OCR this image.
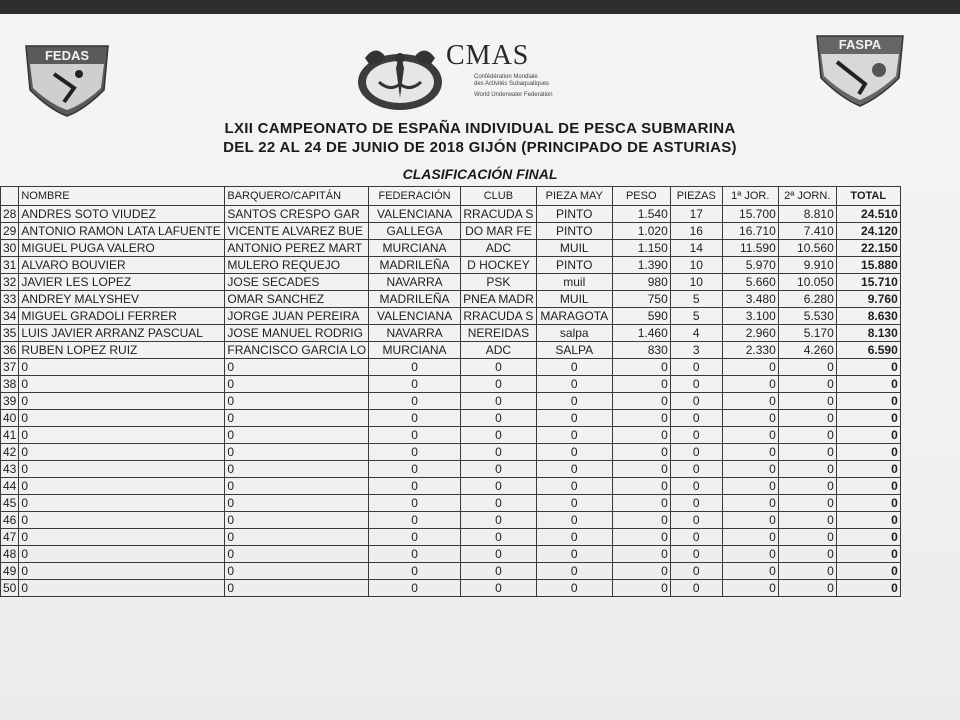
FEDAS
FASPA
CMAS
Confédération Mondiale
des Activités Subaquatiques
World Underwater Federation
LXII CAMPEONATO DE ESPAÑA INDIVIDUAL DE PESCA SUBMARINA
DEL 22 AL 24 DE JUNIO DE 2018 GIJÓN (PRINCIPADO DE ASTURIAS)
CLASIFICACIÓN FINAL
	NOMBRE	BARQUERO/CAPITÁN	FEDERACIÓN	CLUB	PIEZA MAY	PESO	PIEZAS	1ª JOR.	2ª JORN.	TOTAL
28	ANDRES SOTO VIUDEZ	SANTOS CRESPO GAR	VALENCIANA	RRACUDA S	PINTO	1.540	17	15.700	8.810	24.510
29	ANTONIO RAMON LATA LAFUENTE	VICENTE ALVAREZ BUE	GALLEGA	DO MAR FE	PINTO	1.020	16	16.710	7.410	24.120
30	MIGUEL PUGA VALERO	ANTONIO PEREZ MART	MURCIANA	ADC	MUIL	1.150	14	11.590	10.560	22.150
31	ALVARO BOUVIER	MULERO REQUEJO	MADRILEÑA	D HOCKEY	PINTO	1.390	10	5.970	9.910	15.880
32	JAVIER LES LOPEZ	JOSE SECADES	NAVARRA	PSK	muil	980	10	5.660	10.050	15.710
33	ANDREY MALYSHEV	OMAR SANCHEZ	MADRILEÑA	PNEA MADR	MUIL	750	5	3.480	6.280	9.760
34	MIGUEL GRADOLI FERRER	JORGE JUAN PEREIRA	VALENCIANA	RRACUDA S	MARAGOTA	590	5	3.100	5.530	8.630
35	LUIS JAVIER ARRANZ PASCUAL	JOSE MANUEL RODRIG	NAVARRA	NEREIDAS	salpa	1.460	4	2.960	5.170	8.130
36	RUBEN LOPEZ RUIZ	FRANCISCO GARCIA LO	MURCIANA	ADC	SALPA	830	3	2.330	4.260	6.590
37	0	0	0	0	0	0	0	0	0	0
38	0	0	0	0	0	0	0	0	0	0
39	0	0	0	0	0	0	0	0	0	0
40	0	0	0	0	0	0	0	0	0	0
41	0	0	0	0	0	0	0	0	0	0
42	0	0	0	0	0	0	0	0	0	0
43	0	0	0	0	0	0	0	0	0	0
44	0	0	0	0	0	0	0	0	0	0
45	0	0	0	0	0	0	0	0	0	0
46	0	0	0	0	0	0	0	0	0	0
47	0	0	0	0	0	0	0	0	0	0
48	0	0	0	0	0	0	0	0	0	0
49	0	0	0	0	0	0	0	0	0	0
50	0	0	0	0	0	0	0	0	0	0
